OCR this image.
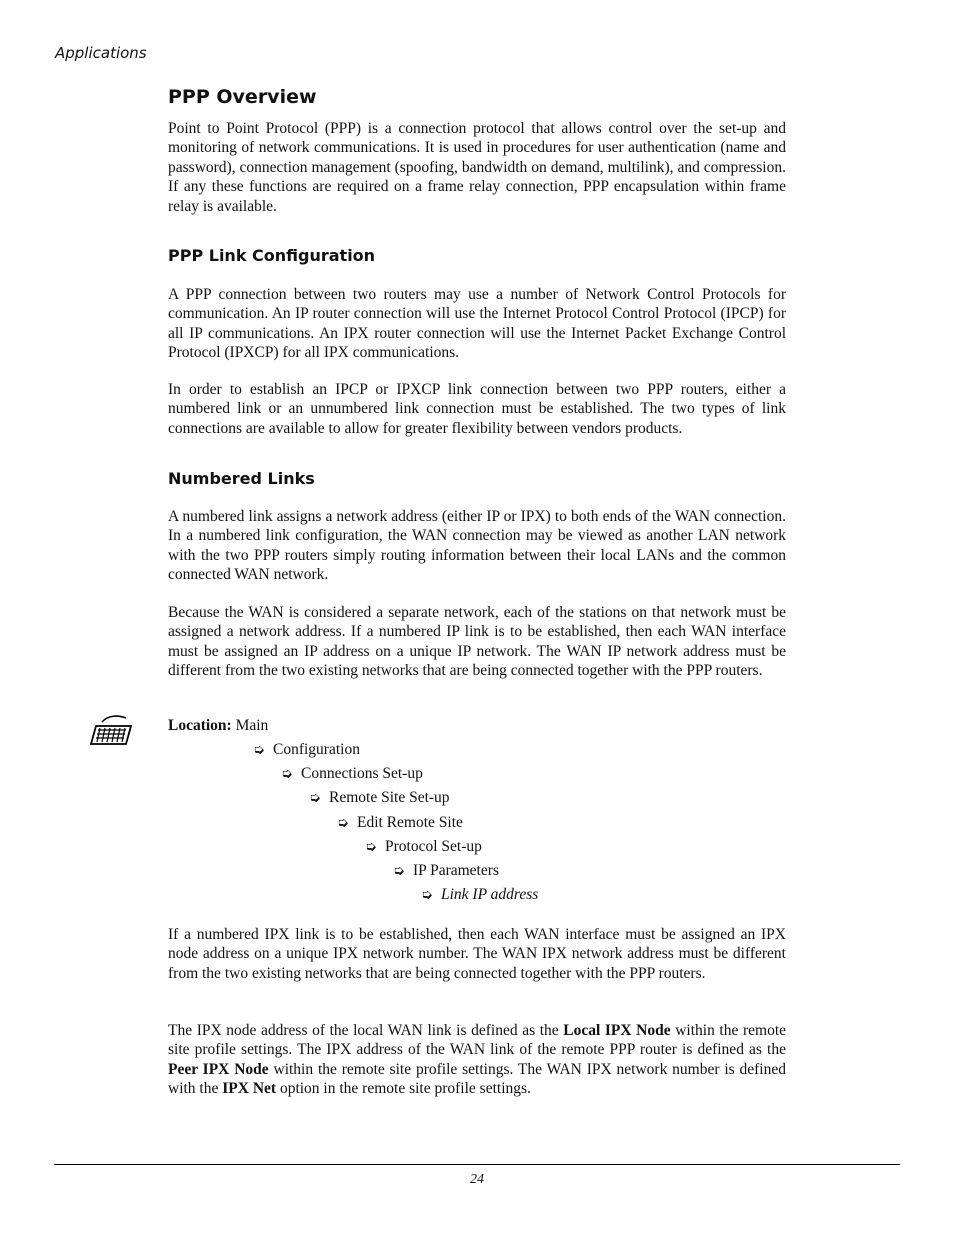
Applications
PPP Overview
Point to Point Protocol (PPP) is a connection protocol that allows control over the set-up and monitoring of network communications. It is used in procedures for user authentication (name and password), connection management (spoofing, bandwidth on demand, multilink), and compression. If any these functions are required on a frame relay connection, PPP encapsulation within frame relay is available.
PPP Link Configuration
A PPP connection between two routers may use a number of Network Control Protocols for communication. An IP router connection will use the Internet Protocol Control Protocol (IPCP) for all IP communications. An IPX router connection will use the Internet Packet Exchange Control Protocol (IPXCP) for all IPX communications.
In order to establish an IPCP or IPXCP link connection between two PPP routers, either a numbered link or an unnumbered link connection must be established. The two types of link connections are available to allow for greater flexibility between vendors products.
Numbered Links
A numbered link assigns a network address (either IP or IPX) to both ends of the WAN connection. In a numbered link configuration, the WAN connection may be viewed as another LAN network with the two PPP routers simply routing information between their local LANs and the common connected WAN network.
Because the WAN is considered a separate network, each of the stations on that network must be assigned a network address. If a numbered IP link is to be established, then each WAN interface must be assigned an IP address on a unique IP network. The WAN IP network address must be different from the two existing networks that are being connected together with the PPP routers.
Location: Main
➭ Configuration
➭ Connections Set-up
➭ Remote Site Set-up
➭ Edit Remote Site
➭ Protocol Set-up
➭ IP Parameters
➭ Link IP address
If a numbered IPX link is to be established, then each WAN interface must be assigned an IPX node address on a unique IPX network number. The WAN IPX network address must be different from the two existing networks that are being connected together with the PPP routers.
The IPX node address of the local WAN link is defined as the Local IPX Node within the remote site profile settings. The IPX address of the WAN link of the remote PPP router is defined as the Peer IPX Node within the remote site profile settings. The WAN IPX network number is defined with the IPX Net option in the remote site profile settings.
24
